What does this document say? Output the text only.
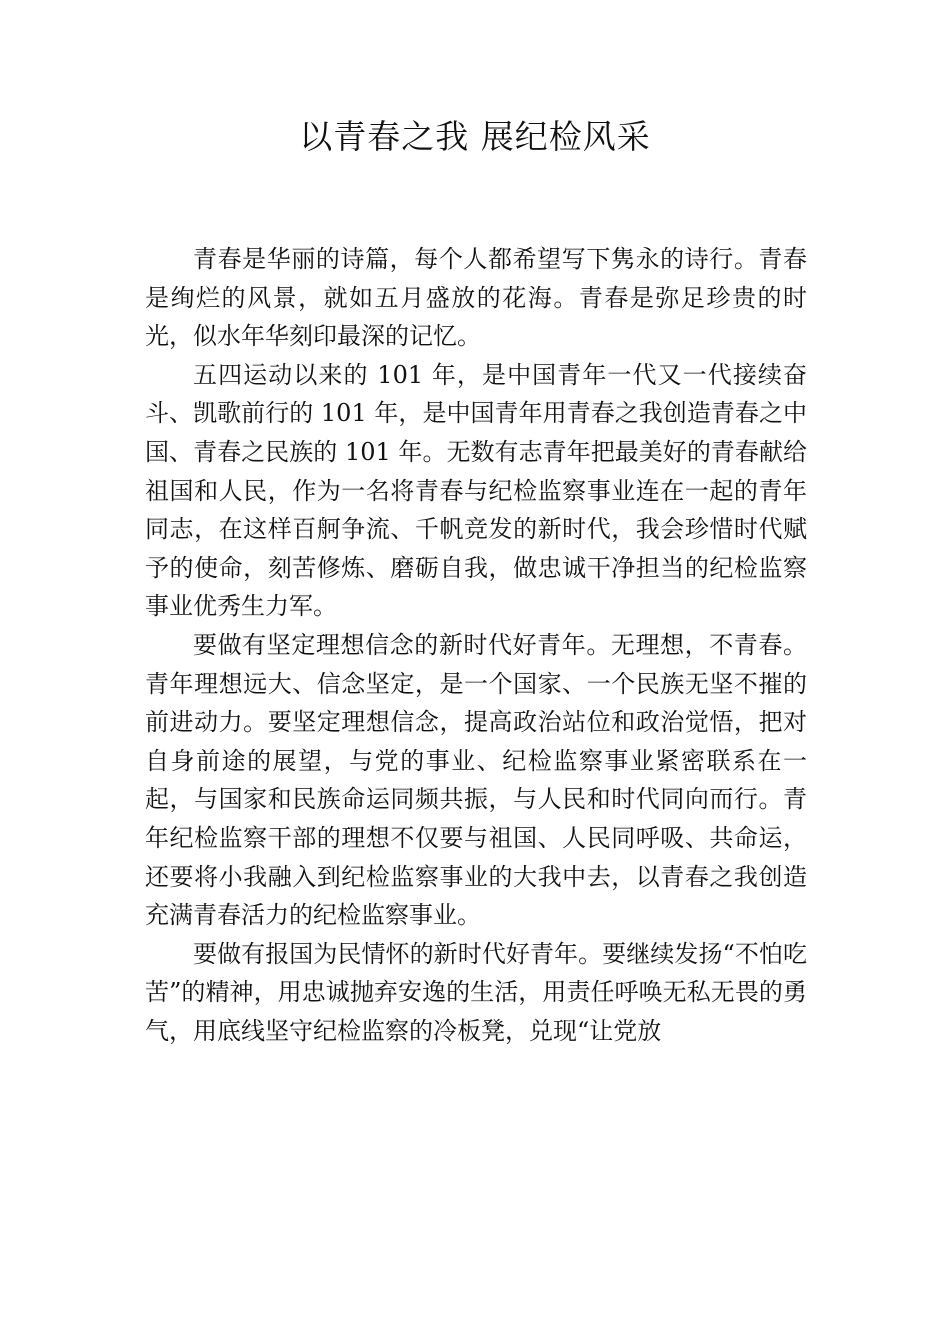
以青春之我 展纪检风采

青春是华丽的诗篇，每个人都希望写下隽永的诗行。青春是绚烂的风景，就如五月盛放的花海。青春是弥足珍贵的时光，似水年华刻印最深的记忆。

五四运动以来的 101 年，是中国青年一代又一代接续奋斗、凯歌前行的 101 年，是中国青年用青春之我创造青春之中国、青春之民族的 101 年。无数有志青年把最美好的青春献给祖国和人民，作为一名将青春与纪检监察事业连在一起的青年同志，在这样百舸争流、千帆竞发的新时代，我会珍惜时代赋予的使命，刻苦修炼、磨砺自我，做忠诚干净担当的纪检监察事业优秀生力军。

要做有坚定理想信念的新时代好青年。无理想，不青春。青年理想远大、信念坚定，是一个国家、一个民族无坚不摧的前进动力。要坚定理想信念，提高政治站位和政治觉悟，把对自身前途的展望，与党的事业、纪检监察事业紧密联系在一起，与国家和民族命运同频共振，与人民和时代同向而行。青年纪检监察干部的理想不仅要与祖国、人民同呼吸、共命运，还要将小我融入到纪检监察事业的大我中去，以青春之我创造充满青春活力的纪检监察事业。

要做有报国为民情怀的新时代好青年。要继续发扬“不怕吃苦”的精神，用忠诚抛弃安逸的生活，用责任呼唤无私无畏的勇气，用底线坚守纪检监察的冷板凳，兑现“让党放
